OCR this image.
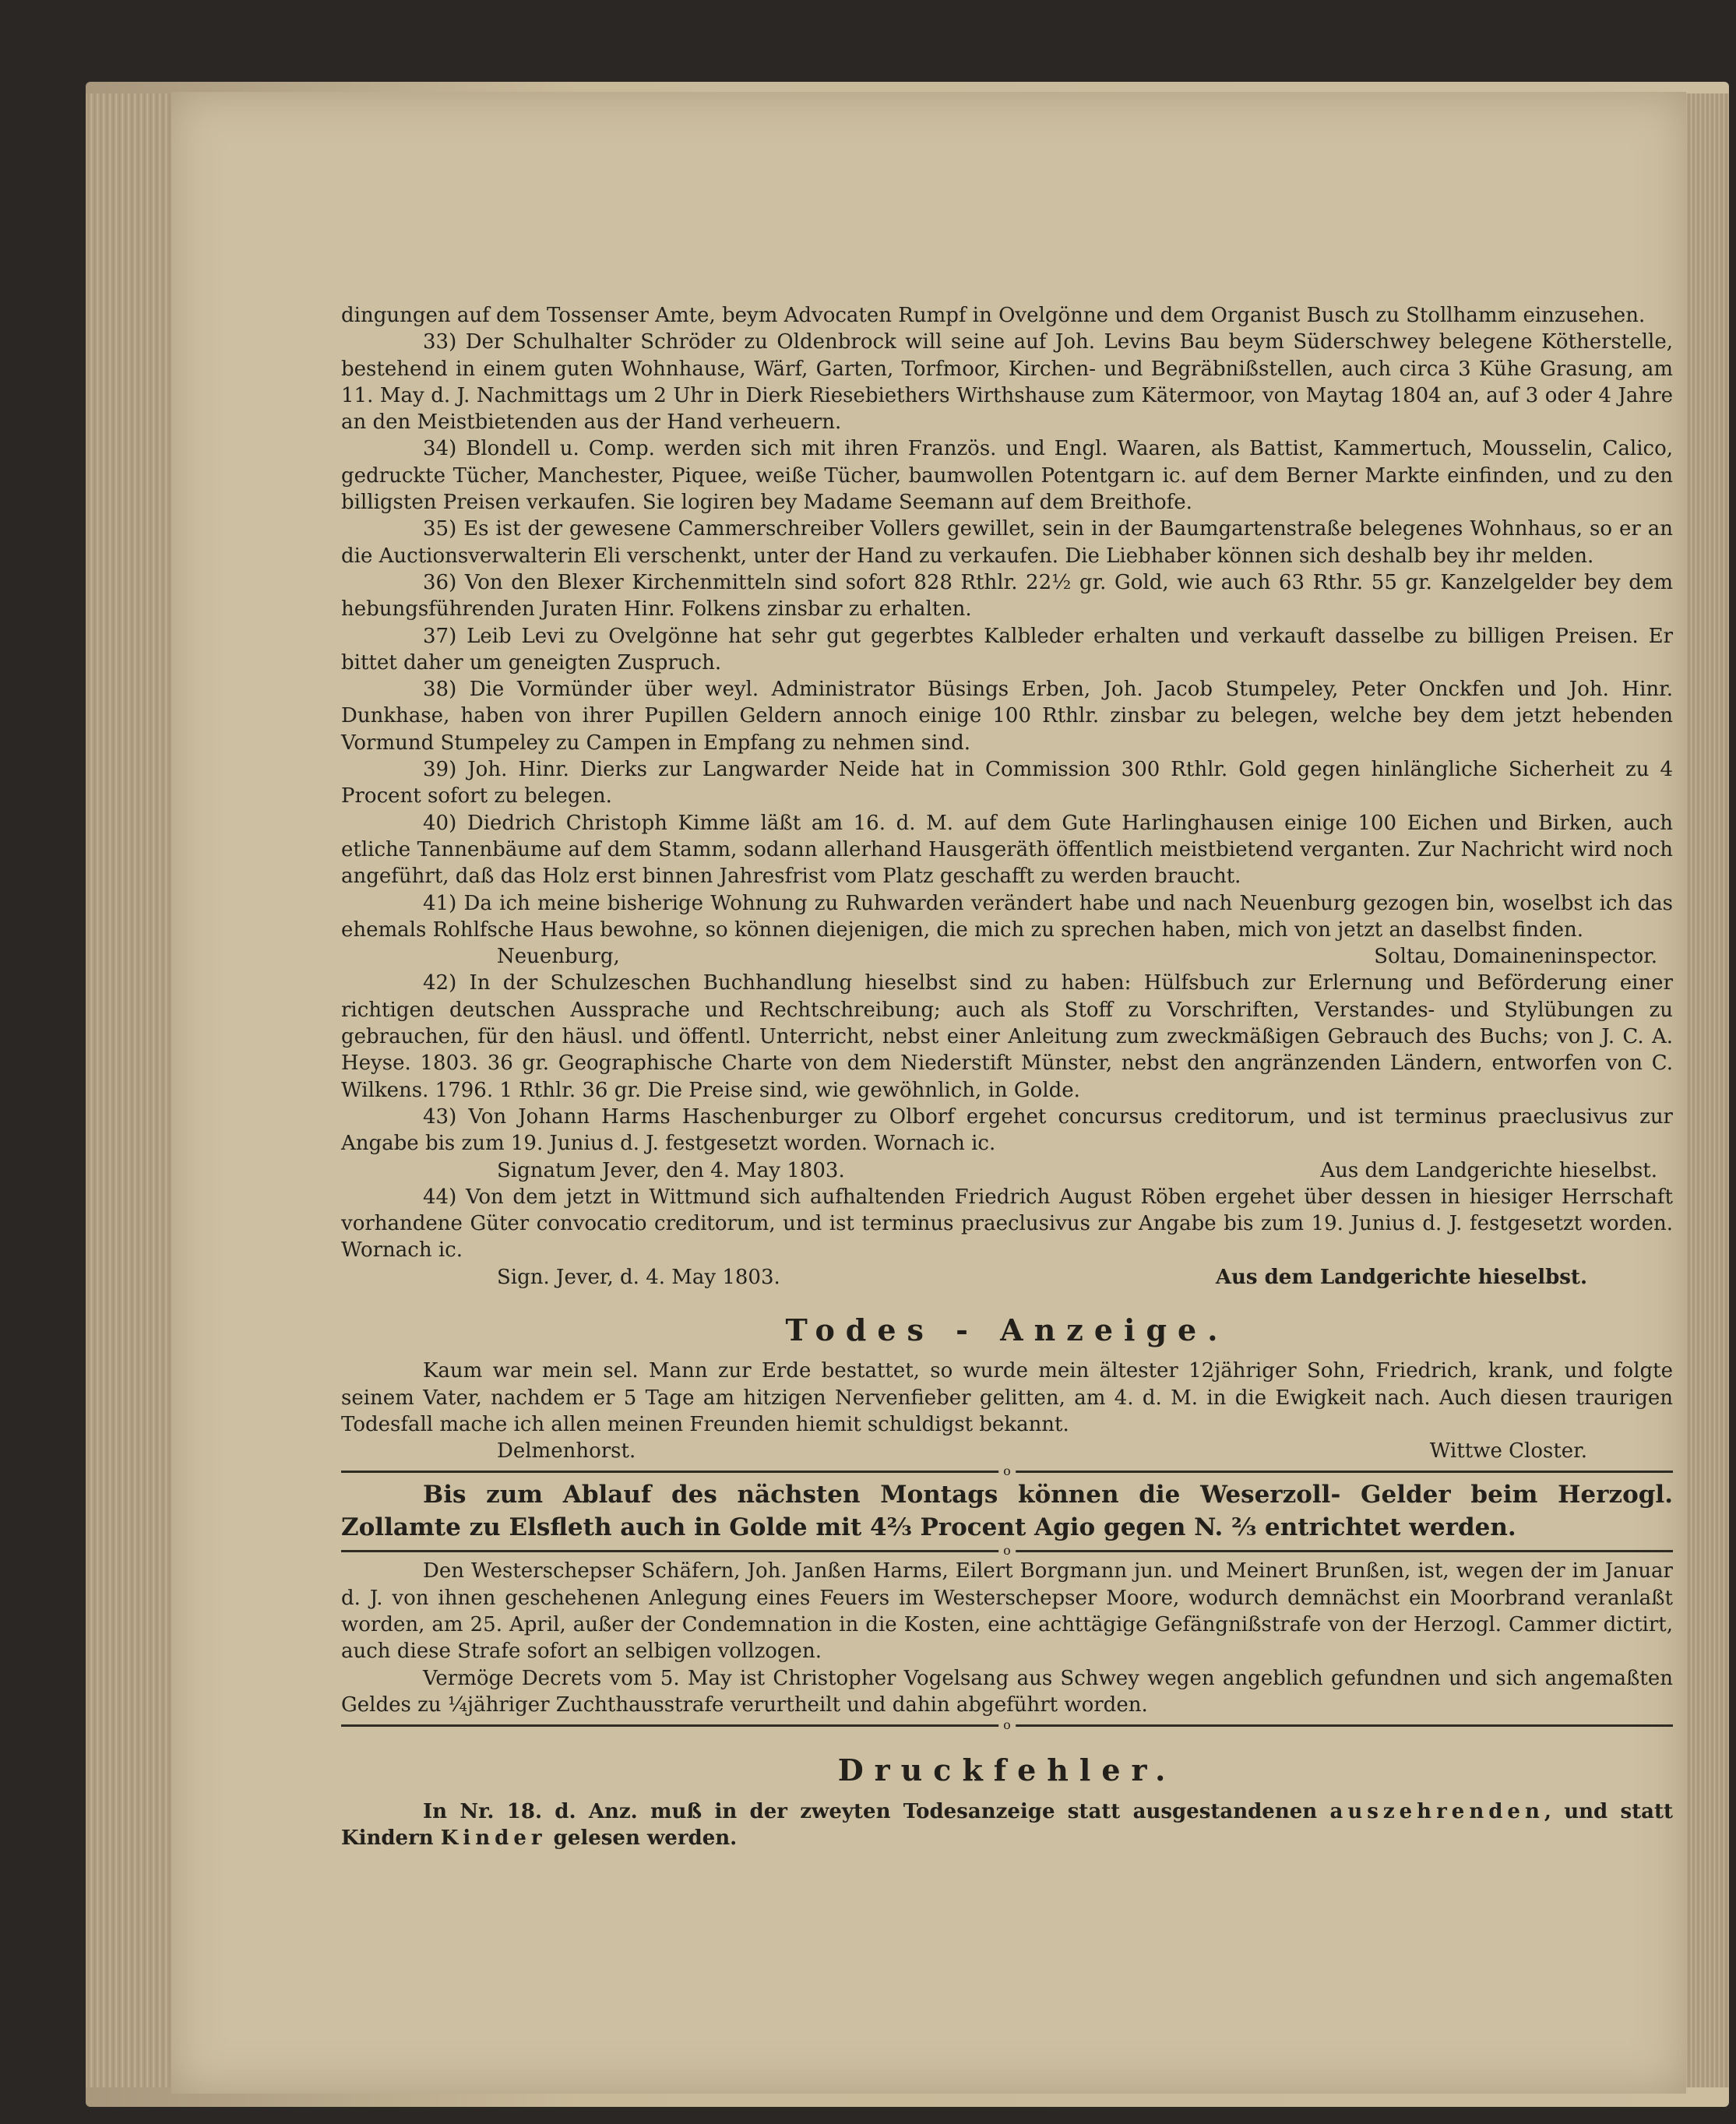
dingungen auf dem Tossenser Amte, beym Advocaten Rumpf in Ovelgönne und dem Organist Busch zu Stollhamm einzusehen.

33) Der Schulhalter Schröder zu Oldenbrock will seine auf Joh. Levins Bau beym Süderschwey belegene Kötherstelle, bestehend in einem guten Wohnhause, Wärf, Garten, Torfmoor, Kirchen- und Begräbnißstellen, auch circa 3 Kühe Grasung, am 11. May d. J. Nachmittags um 2 Uhr in Dierk Riesebiethers Wirthshause zum Kätermoor, von Maytag 1804 an, auf 3 oder 4 Jahre an den Meistbietenden aus der Hand verheuern.

34) Blondell u. Comp. werden sich mit ihren Französ. und Engl. Waaren, als Battist, Kammertuch, Mousselin, Calico, gedruckte Tücher, Manchester, Piquee, weiße Tücher, baumwollen Potentgarn ic. auf dem Berner Markte einfinden, und zu den billigsten Preisen verkaufen. Sie logiren bey Madame Seemann auf dem Breithofe.

35) Es ist der gewesene Cammerschreiber Vollers gewillet, sein in der Baumgartenstraße belegenes Wohnhaus, so er an die Auctionsverwalterin Eli verschenkt, unter der Hand zu verkaufen. Die Liebhaber können sich deshalb bey ihr melden.

36) Von den Blexer Kirchenmitteln sind sofort 828 Rthlr. 22½ gr. Gold, wie auch 63 Rthr. 55 gr. Kanzelgelder bey dem hebungsführenden Juraten Hinr. Folkens zinsbar zu erhalten.

37) Leib Levi zu Ovelgönne hat sehr gut gegerbtes Kalbleder erhalten und verkauft dasselbe zu billigen Preisen. Er bittet daher um geneigten Zuspruch.

38) Die Vormünder über weyl. Administrator Büsings Erben, Joh. Jacob Stumpeley, Peter Onckfen und Joh. Hinr. Dunkhase, haben von ihrer Pupillen Geldern annoch einige 100 Rthlr. zinsbar zu belegen, welche bey dem jetzt hebenden Vormund Stumpeley zu Campen in Empfang zu nehmen sind.

39) Joh. Hinr. Dierks zur Langwarder Neide hat in Commission 300 Rthlr. Gold gegen hinlängliche Sicherheit zu 4 Procent sofort zu belegen.

40) Diedrich Christoph Kimme läßt am 16. d. M. auf dem Gute Harlinghausen einige 100 Eichen und Birken, auch etliche Tannenbäume auf dem Stamm, sodann allerhand Hausgeräth öffentlich meistbietend verganten. Zur Nachricht wird noch angeführt, daß das Holz erst binnen Jahresfrist vom Platz geschafft zu werden braucht.

41) Da ich meine bisherige Wohnung zu Ruhwarden verändert habe und nach Neuenburg gezogen bin, woselbst ich das ehemals Rohlfsche Haus bewohne, so können diejenigen, die mich zu sprechen haben, mich von jetzt an daselbst finden.

Neuenburg,	Soltau, Domaineninspector.

42) In der Schulzeschen Buchhandlung hieselbst sind zu haben: Hülfsbuch zur Erlernung und Beförderung einer richtigen deutschen Aussprache und Rechtschreibung; auch als Stoff zu Vorschriften, Verstandes- und Stylübungen zu gebrauchen, für den häusl. und öffentl. Unterricht, nebst einer Anleitung zum zweckmäßigen Gebrauch des Buchs; von J. C. A. Heyse. 1803. 36 gr. Geographische Charte von dem Niederstift Münster, nebst den angränzenden Ländern, entworfen von C. Wilkens. 1796. 1 Rthlr. 36 gr. Die Preise sind, wie gewöhnlich, in Golde.

43) Von Johann Harms Haschenburger zu Olborf ergehet concursus creditorum, und ist terminus praeclusivus zur Angabe bis zum 19. Junius d. J. festgesetzt worden. Wornach ic.

Signatum Jever, den 4. May 1803.	Aus dem Landgerichte hieselbst.

44) Von dem jetzt in Wittmund sich aufhaltenden Friedrich August Röben ergehet über dessen in hiesiger Herrschaft vorhandene Güter convocatio creditorum, und ist terminus praeclusivus zur Angabe bis zum 19. Junius d. J. festgesetzt worden. Wornach ic.

Sign. Jever, d. 4. May 1803.	Aus dem Landgerichte hieselbst.
Todes - Anzeige.

Kaum war mein sel. Mann zur Erde bestattet, so wurde mein ältester 12jähriger Sohn, Friedrich, krank, und folgte seinem Vater, nachdem er 5 Tage am hitzigen Nervenfieber gelitten, am 4. d. M. in die Ewigkeit nach. Auch diesen traurigen Todesfall mache ich allen meinen Freunden hiemit schuldigst bekannt.

Delmenhorst.	Wittwe Closter.
o

Bis zum Ablauf des nächsten Montags können die Weserzoll- Gelder beim Herzogl. Zollamte zu Elsfleth auch in Golde mit 4⅔ Procent Agio gegen N. ⅔ entrichtet werden.

o

Den Westerschepser Schäfern, Joh. Janßen Harms, Eilert Borgmann jun. und Meinert Brunßen, ist, wegen der im Januar d. J. von ihnen geschehenen Anlegung eines Feuers im Westerschepser Moore, wodurch demnächst ein Moorbrand veranlaßt worden, am 25. April, außer der Condemnation in die Kosten, eine achttägige Gefängnißstrafe von der Herzogl. Cammer dictirt, auch diese Strafe sofort an selbigen vollzogen.

Vermöge Decrets vom 5. May ist Christopher Vogelsang aus Schwey wegen angeblich gefundnen und sich angemaßten Geldes zu ¼jähriger Zuchthausstrafe verurtheilt und dahin abgeführt worden.

o
Druckfehler.

In Nr. 18. d. Anz. muß in der zweyten Todesanzeige statt ausgestandenen auszehrenden, und statt Kindern Kinder gelesen werden.
